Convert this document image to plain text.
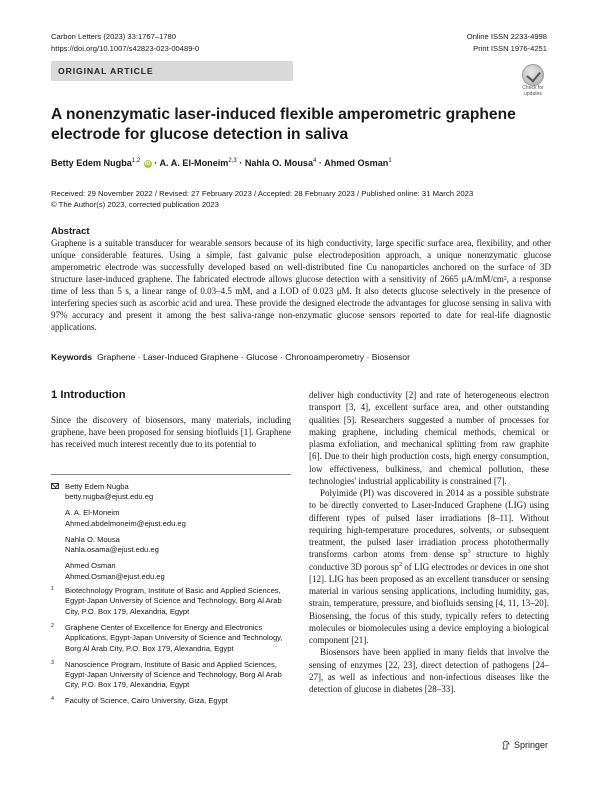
Carbon Letters (2023) 33:1767–1780
https://doi.org/10.1007/s42823-023-00489-0
Online ISSN 2233-4998
Print ISSN 1976-4251
ORIGINAL ARTICLE
Check for
updates
A nonenzymatic laser-induced flexible amperometric graphene electrode for glucose detection in saliva
Betty Edem Nugba$^{1,2}$ iD · A. A. El-Moneim$^{2,3}$ · Nahla O. Mousa$^4$ · Ahmed Osman$^1$
Received: 29 November 2022 / Revised: 27 February 2023 / Accepted: 28 February 2023 / Published online: 31 March 2023
© The Author(s) 2023, corrected publication 2023
Abstract
Graphene is a suitable transducer for wearable sensors because of its high conductivity, large specific surface area, flexibility, and other unique considerable features. Using a simple, fast galvanic pulse electrodeposition approach, a unique nonenzymatic glucose amperometric electrode was successfully developed based on well-distributed fine Cu nanoparticles anchored on the surface of 3D structure laser-induced graphene. The fabricated electrode allows glucose detection with a sensitivity of 2665 μA/mM/cm², a response time of less than 5 s, a linear range of 0.03–4.5 mM, and a LOD of 0.023 μM. It also detects glucose selectively in the presence of interfering species such as ascorbic acid and urea. These provide the designed electrode the advantages for glucose sensing in saliva with 97% accuracy and present it among the best saliva-range non-enzymatic glucose sensors reported to date for real-life diagnostic applications.
Keywords Graphene · Laser-Induced Graphene · Glucose · Chronoamperometry · Biosensor
1 Introduction
Since the discovery of biosensors, many materials, including graphene, have been proposed for sensing biofluids [1]. Graphene has received much interest recently due to its potential to
Betty Edem Nugba
betty.nugba@ejust.edu.eg
A. A. El-Moneim
Ahmed.abdelmoneim@ejust.edu.eg
Nahla O. Mousa
Nahla.osama@ejust.edu.eg
Ahmed Osman
Ahmed.Osman@ejust.edu.eg
1 Biotechnology Program, Institute of Basic and Applied Sciences, Egypt-Japan University of Science and Technology, Borg Al Arab City, P.O. Box 179, Alexandria, Egypt
2 Graphene Center of Excellence for Energy and Electronics Applications, Egypt-Japan University of Science and Technology, Borg Al Arab City, P.O. Box 179, Alexandria, Egypt
3 Nanoscience Program, Institute of Basic and Applied Sciences, Egypt-Japan University of Science and Technology, Borg Al Arab City, P.O. Box 179, Alexandria, Egypt
4 Faculty of Science, Cairo University, Giza, Egypt

deliver high conductivity [2] and rate of heterogeneous electron transport [3, 4], excellent surface area, and other outstanding qualities [5]. Researchers suggested a number of processes for making graphene, including chemical methods, chemical or plasma exfoliation, and mechanical splitting from raw graphite [6]. Due to their high production costs, high energy consumption, low effectiveness, bulkiness, and chemical pollution, these technologies' industrial applicability is constrained [7].

Polyimide (PI) was discovered in 2014 as a possible substrate to be directly converted to Laser-Induced Graphene (LIG) using different types of pulsed laser irradiations [8–11]. Without requiring high-temperature procedures, solvents, or subsequent treatment, the pulsed laser irradiation process photothermally transforms carbon atoms from dense $sp^3$ structure to highly conductive 3D porous $sp^2$ of LIG electrodes or devices in one shot [12]. LIG has been proposed as an excellent transducer or sensing material in various sensing applications, including humidity, gas, strain, temperature, pressure, and biofluids sensing [4, 11, 13–20]. Biosensing, the focus of this study, typically refers to detecting molecules or biomolecules using a device employing a biological component [21].

Biosensors have been applied in many fields that involve the sensing of enzymes [22, 23], direct detection of pathogens [24–27], as well as infectious and non-infectious diseases like the detection of glucose in diabetes [28–33].

Springer
